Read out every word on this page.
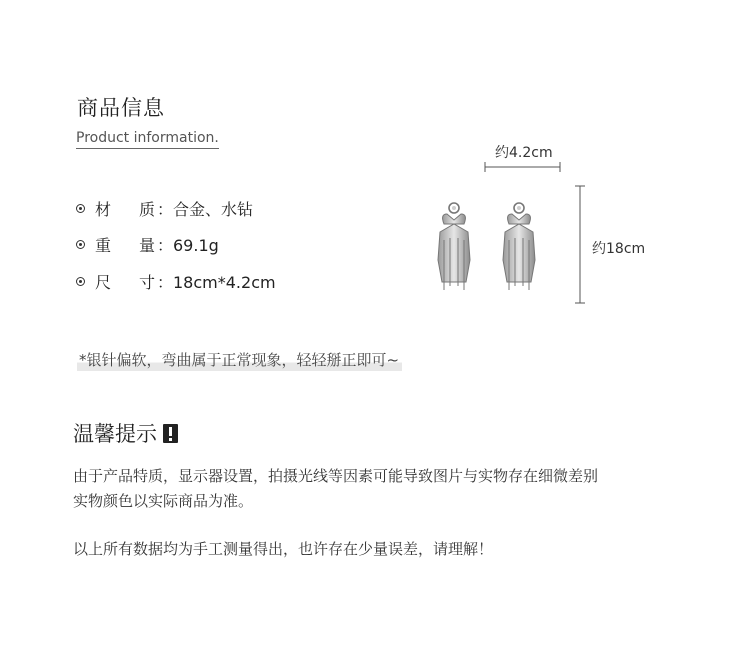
商品信息
Product information.
材质 ：合金、水钻
重量 ：69.1g
尺寸 ：18cm*4.2cm
约4.2cm
约18cm
*银针偏软，弯曲属于正常现象，轻轻掰正即可~
温馨提示
由于产品特质，显示器设置，拍摄光线等因素可能导致图片与实物存在细微差别
实物颜色以实际商品为准。
以上所有数据均为手工测量得出，也许存在少量误差，请理解！
